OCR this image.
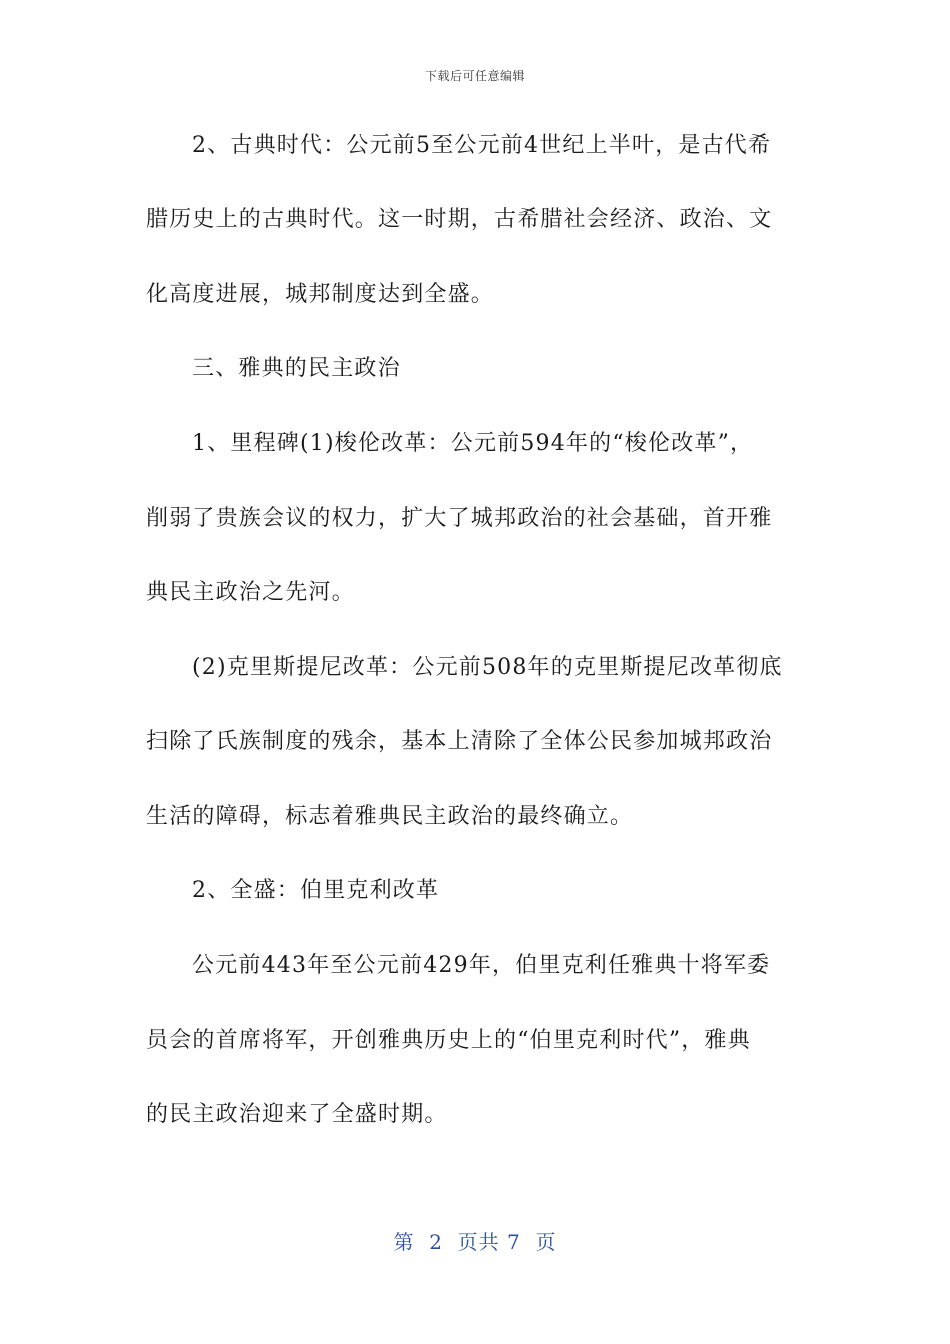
下载后可任意编辑
2、古典时代：公元前5至公元前4世纪上半叶，是古代希
腊历史上的古典时代。这一时期，古希腊社会经济、政治、文
化高度进展，城邦制度达到全盛。
三、雅典的民主政治
1、里程碑(1)梭伦改革：公元前594年的“梭伦改革”，
削弱了贵族会议的权力，扩大了城邦政治的社会基础，首开雅
典民主政治之先河。
(2)克里斯提尼改革：公元前508年的克里斯提尼改革彻底
扫除了氏族制度的残余，基本上清除了全体公民参加城邦政治
生活的障碍，标志着雅典民主政治的最终确立。
2、全盛：伯里克利改革
公元前443年至公元前429年，伯里克利任雅典十将军委
员会的首席将军，开创雅典历史上的“伯里克利时代”，雅典
的民主政治迎来了全盛时期。
第  2  页共 7  页
